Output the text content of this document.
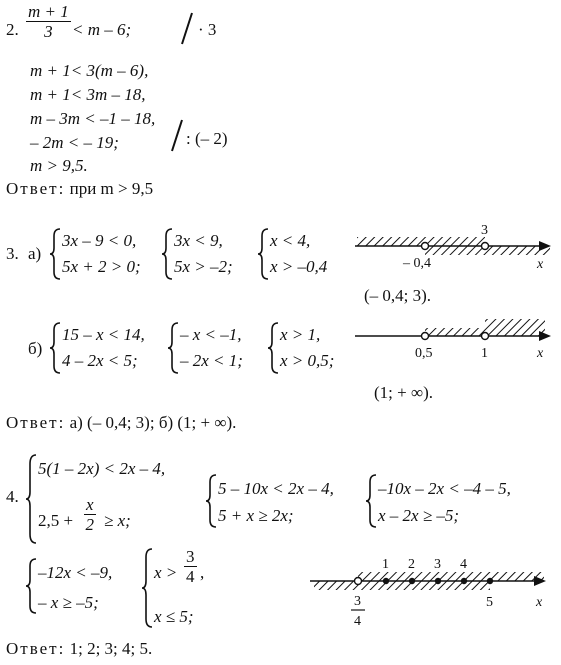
2. $\frac{m + 1}{3} < m - 6$;	· 3
m + 1< 3(m – 6),
m + 1< 3m – 18,
m – 3m < –1 – 18,
– 2m < – 19;	: (– 2)
m > 9,5.
Ответ: при m > 9,5
3. а)
3x – 9 < 0,
5x + 2 > 0;
3x < 9,
5x > –2;
x < 4,
x > –0,4
3
– 0,4	x
(– 0,4; 3).
б)
15 – x < 14,
4 – 2x < 5;
– x < –1,
– 2x < 1;
x > 1,
x > 0,5;	0,5	1	x
(1; + ∞).
Ответ: а) (– 0,4; 3); б) (1; + ∞).
4.
5(1 – 2x) < 2x – 4,
$2,5 + \frac{x}{2} \ge x$;
5 – 10x < 2x – 4,
5 + x ≥ 2x;
–10x – 2x < –4 – 5,
x – 2x ≥ –5;
–12x < –9,
– x ≥ –5;
$x > \frac{3}{4}$ ,
x ≤ 5;
1 2 3 4
5
3
4
x
Ответ: 1; 2; 3; 4; 5.
